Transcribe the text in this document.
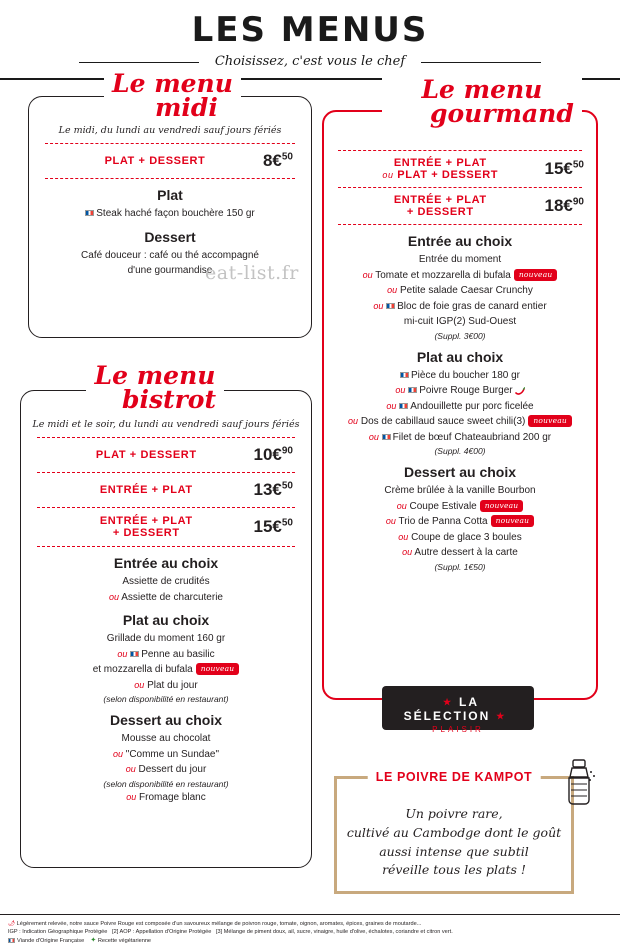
LES MENUS
Choisissez, c'est vous le chef
eat-list.fr

Le midi, du lundi au vendredi sauf jours fériés

PLAT + DESSERT	8€$^{50}$
Plat
Steak haché façon bouchère 150 gr
Dessert
Café douceur : café ou thé accompagné
d'une gourmandise
Le menu
midi

Le midi et le soir, du lundi au vendredi sauf jours fériés

PLAT + DESSERT	10€$^{90}$
ENTRÉE + PLAT	13€$^{50}$
ENTRÉE + PLAT
+ DESSERT	15€$^{50}$
Entrée au choix
Assiette de crudités
ou Assiette de charcuterie
Plat au choix
Grillade du moment 160 gr
ou Penne au basilic
et mozzarella di bufala nouveau
ou Plat du jour
(selon disponibilité en restaurant)
Dessert au choix
Mousse au chocolat
ou "Comme un Sundae"
ou Dessert du jour
(selon disponibilité en restaurant)
ou Fromage blanc
Le menu
bistrot
ENTRÉE + PLAT
ou PLAT + DESSERT	15€$^{50}$
ENTRÉE + PLAT
+ DESSERT	18€$^{90}$
Entrée au choix
Entrée du moment
ou Tomate et mozzarella di bufala nouveau
ou Petite salade Caesar Crunchy
ou Bloc de foie gras de canard entier
mi-cuit IGP(2) Sud-Ouest
(Suppl. 3€00)
Plat au choix
Pièce du boucher 180 gr
ou Poivre Rouge Burger
ou Andouillette pur porc ficelée
ou Dos de cabillaud sauce sweet chili(3) nouveau
ou Filet de bœuf Chateaubriand 200 gr
(Suppl. 4€00)
Dessert au choix
Crème brûlée à la vanille Bourbon
ou Coupe Estivale nouveau
ou Trio de Panna Cotta nouveau
ou Coupe de glace 3 boules
ou Autre dessert à la carte
(Suppl. 1€50)
Le menu
gourmand
★ LA SÉLECTION ★
PLAISIR
LE POIVRE DE KAMPOT
Un poivre rare,
cultivé au Cambodge dont le goût
aussi intense que subtil
réveille tous les plats !
🌶 Légèrement relevée, notre sauce Poivre Rouge est composée d'un savoureux mélange de poivron rouge, tomate, oignon, aromates, épices, graines de moutarde...
IGP : Indication Géographique Protégée [2] AOP : Appellation d'Origine Protégée [3] Mélange de piment doux, ail, sucre, vinaigre, huile d'olive, échalotes, coriandre et citron vert.
Viande d'Origine Française ✦ Recette végétarienne
